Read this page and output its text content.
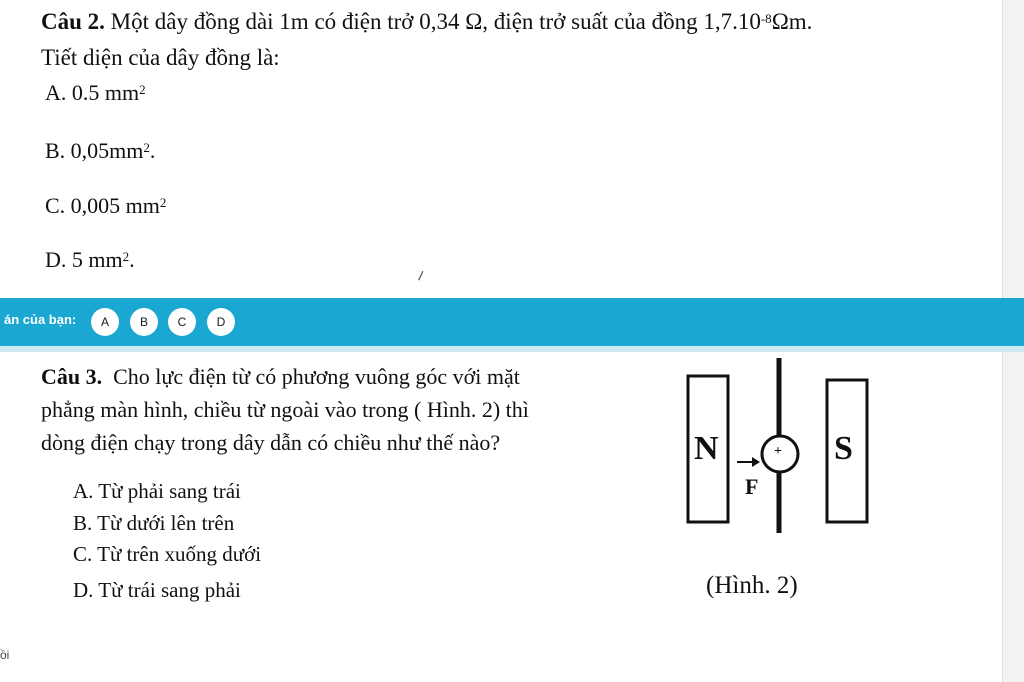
Câu 2. Một dây đồng dài 1m có điện trở 0,34 Ω, điện trở suất của đồng $1,7.10^{-8}\Omega m$.
Tiết diện của dây đồng là:
A. 0.5 $mm^2$
B. $0,05mm^2$.
C. 0,005 $mm^2$
D. 5 $mm^2$.
án của bạn:	A	B	C	D
Câu 3. Cho lực điện từ có phương vuông góc với mặt
phẳng màn hình, chiều từ ngoài vào trong ( Hình. 2) thì
dòng điện chạy trong dây dẫn có chiều như thế nào?
A. Từ phải sang trái
B. Từ dưới lên trên
C. Từ trên xuống dưới
D. Từ trái sang phải
N	S
F
+
(Hình. 2)
ồi
